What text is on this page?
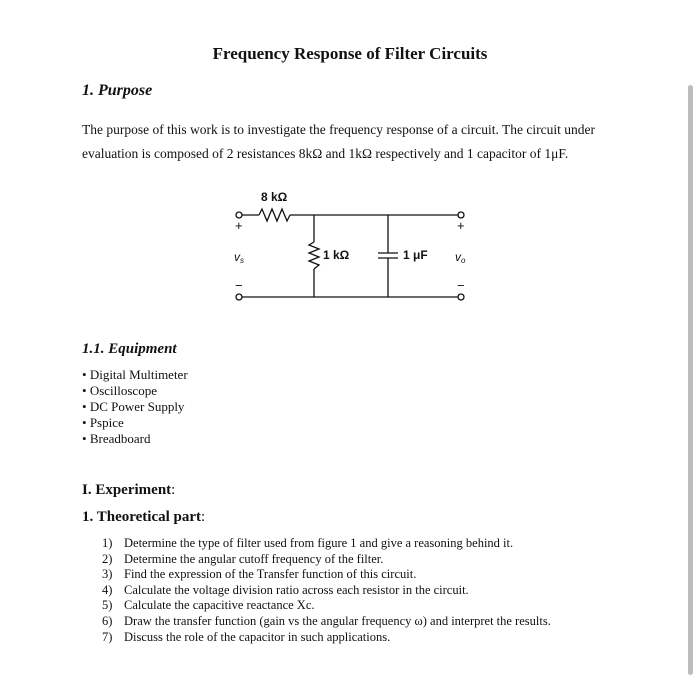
Frequency Response of Filter Circuits
1. Purpose
The purpose of this work is to investigate the frequency response of a circuit. The circuit under evaluation is composed of 2 resistances 8kΩ and 1kΩ respectively and 1 capacitor of 1μF.
8 kΩ
1 kΩ	1 μF
+	+
−	−
vs	vo
1.1. Equipment
• Digital Multimeter
• Oscilloscope
• DC Power Supply
• Pspice
• Breadboard
I. Experiment:
1. Theoretical part:
1) Determine the type of filter used from figure 1 and give a reasoning behind it.
2) Determine the angular cutoff frequency of the filter.
3) Find the expression of the Transfer function of this circuit.
4) Calculate the voltage division ratio across each resistor in the circuit.
5) Calculate the capacitive reactance Xc.
6) Draw the transfer function (gain vs the angular frequency ω) and interpret the results.
7) Discuss the role of the capacitor in such applications.
